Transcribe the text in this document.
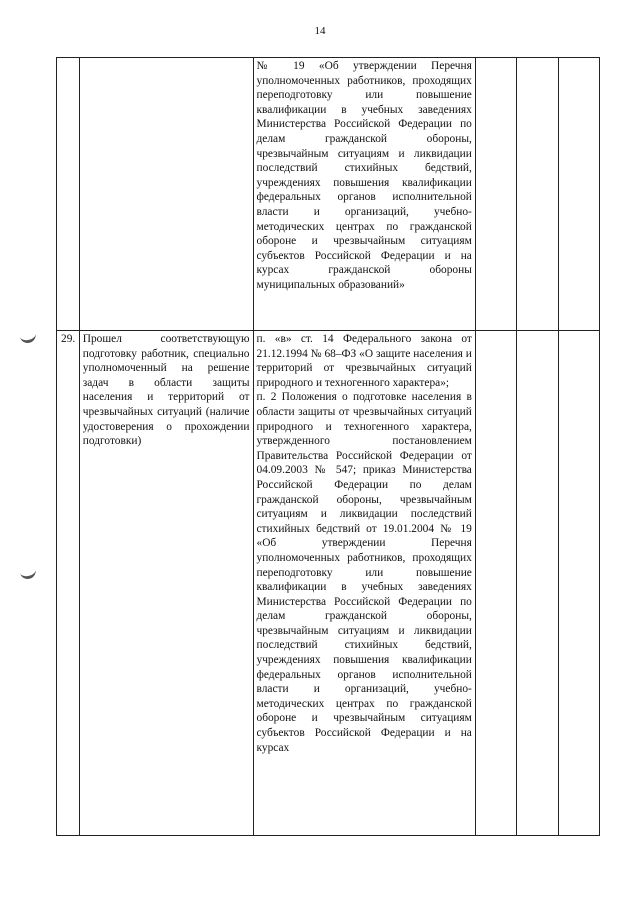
14

		№ 19 «Об утверждении Перечня уполномоченных работников, проходящих переподготовку или повышение квалификации в учебных заведениях Министерства Российской Федерации по делам гражданской обороны, чрезвычайным ситуациям и ликвидации последствий стихийных бедствий, учреждениях повышения квалификации федеральных органов исполнительной власти и организаций, учебно-методических центрах по гражданской обороне и чрезвычайным ситуациям субъектов Российской Федерации и на курсах гражданской обороны муниципальных образований»			

29.	Прошел соответствующую подготовку работник, специально уполномоченный на решение задач в области защиты населения и территорий от чрезвычайных ситуаций (наличие удостоверения о прохождении подготовки)	п. «в» ст. 14 Федерального закона от 21.12.1994 № 68–ФЗ «О защите населения и территорий от чрезвычайных ситуаций природного и техногенного характера»;
п. 2 Положения о подготовке населения в области защиты от чрезвычайных ситуаций природного и техногенного характера, утвержденного постановлением Правительства Российской Федерации от 04.09.2003 № 547; приказ Министерства Российской Федерации по делам гражданской обороны, чрезвычайным ситуациям и ликвидации последствий стихийных бедствий от 19.01.2004 № 19 «Об утверждении Перечня уполномоченных работников, проходящих переподготовку или повышение квалификации в учебных заведениях Министерства Российской Федерации по делам гражданской обороны, чрезвычайным ситуациям и ликвидации последствий стихийных бедствий, учреждениях повышения квалификации федеральных органов исполнительной власти и организаций, учебно-методических центрах по гражданской обороне и чрезвычайным ситуациям субъектов Российской Федерации и на курсах			
